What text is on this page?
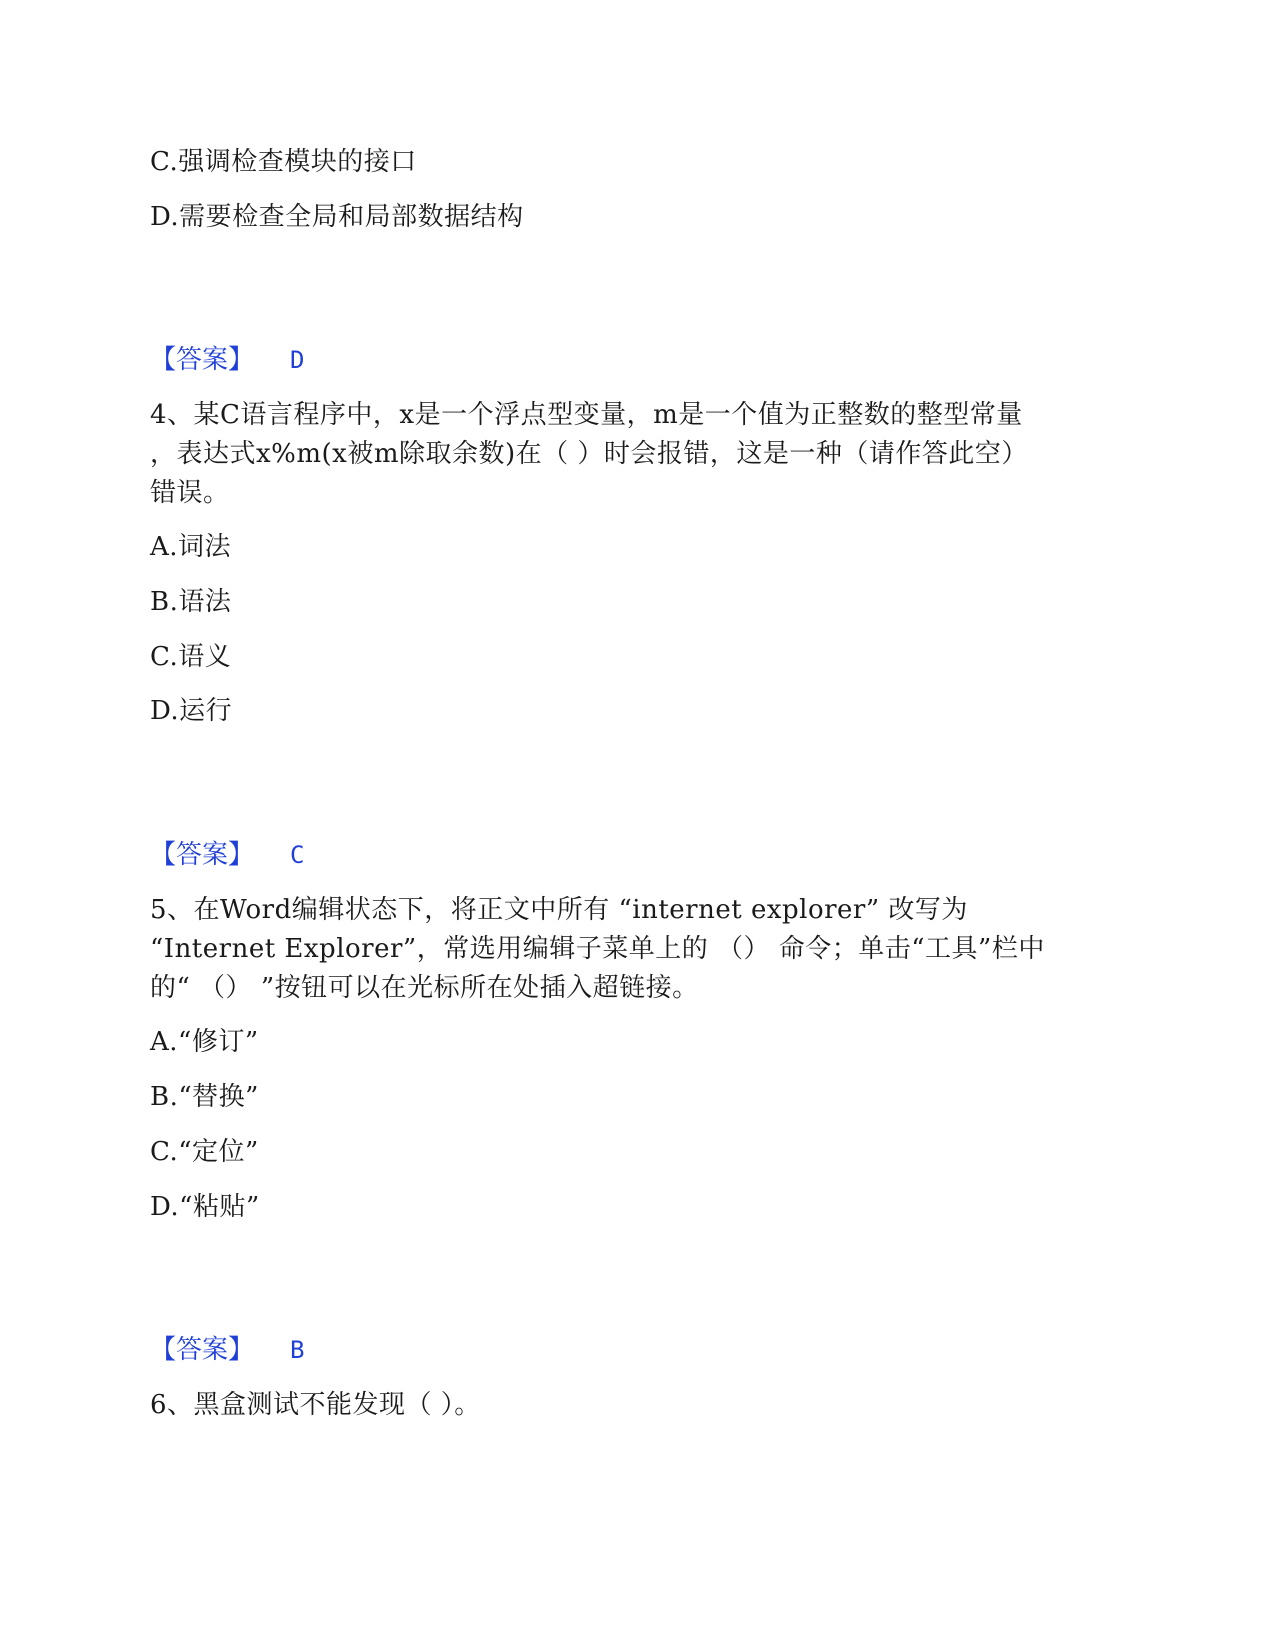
C.强调检查模块的接口
D.需要检查全局和局部数据结构
【答案】 D
4、某C语言程序中，x是一个浮点型变量，m是一个值为正整数的整型常量
，表达式x%m(x被m除取余数)在（ ）时会报错，这是一种（请作答此空）
错误。
A.词法
B.语法
C.语义
D.运行
【答案】 C
5、在Word编辑状态下，将正文中所有 “internet explorer” 改写为
“Internet Explorer”，常选用编辑子菜单上的 （） 命令；单击“工具”栏中
的“ （） ”按钮可以在光标所在处插入超链接。
A.“修订”
B.“替换”
C.“定位”
D.“粘贴”
【答案】 B
6、黑盒测试不能发现（ ）。
